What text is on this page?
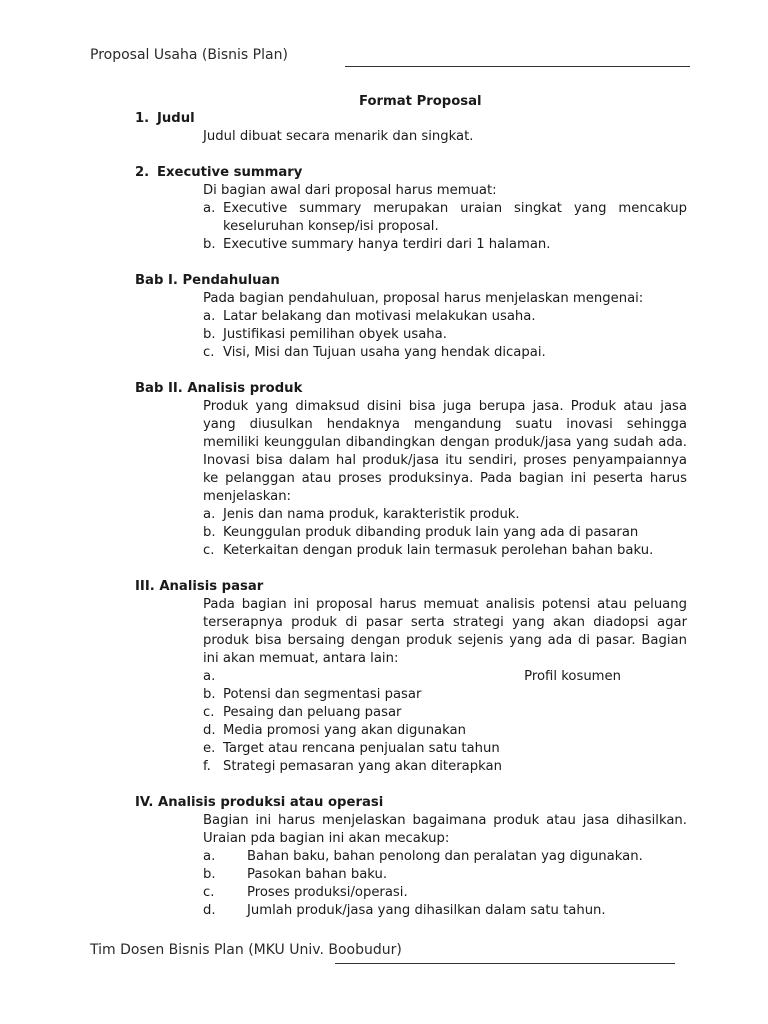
Proposal Usaha (Bisnis Plan)
Format Proposal
1. Judul
Judul dibuat secara menarik dan singkat.
2. Executive summary
Di bagian awal dari proposal harus memuat:
a. Executive summary merupakan uraian singkat yang mencakup keseluruhan konsep/isi proposal.
b. Executive summary hanya terdiri dari 1 halaman.
Bab I. Pendahuluan
Pada bagian pendahuluan, proposal harus menjelaskan mengenai:
a. Latar belakang dan motivasi melakukan usaha.
b. Justifikasi pemilihan obyek usaha.
c. Visi, Misi dan Tujuan usaha yang hendak dicapai.
Bab II. Analisis produk
Produk yang dimaksud disini bisa juga berupa jasa. Produk atau jasa yang diusulkan hendaknya mengandung suatu inovasi sehingga memiliki keunggulan dibandingkan dengan produk/jasa yang sudah ada. Inovasi bisa dalam hal produk/jasa itu sendiri, proses penyampaiannya ke pelanggan atau proses produksinya. Pada bagian ini peserta harus menjelaskan:
a. Jenis dan nama produk, karakteristik produk.
b. Keunggulan produk dibanding produk lain yang ada di pasaran
c. Keterkaitan dengan produk lain termasuk perolehan bahan baku.
III. Analisis pasar
Pada bagian ini proposal harus memuat analisis potensi atau peluang terserapnya produk di pasar serta strategi yang akan diadopsi agar produk bisa bersaing dengan produk sejenis yang ada di pasar. Bagian ini akan memuat, antara lain:
a.	Profil kosumen
b. Potensi dan segmentasi pasar
c. Pesaing dan peluang pasar
d. Media promosi yang akan digunakan
e. Target atau rencana penjualan satu tahun
f. Strategi pemasaran yang akan diterapkan
IV. Analisis produksi atau operasi
Bagian ini harus menjelaskan bagaimana produk atau jasa dihasilkan. Uraian pda bagian ini akan mecakup:
a.	Bahan baku, bahan penolong dan peralatan yag digunakan.
b.	Pasokan bahan baku.
c.	Proses produksi/operasi.
d.	Jumlah produk/jasa yang dihasilkan dalam satu tahun.
Tim Dosen Bisnis Plan (MKU Univ. Boobudur)
